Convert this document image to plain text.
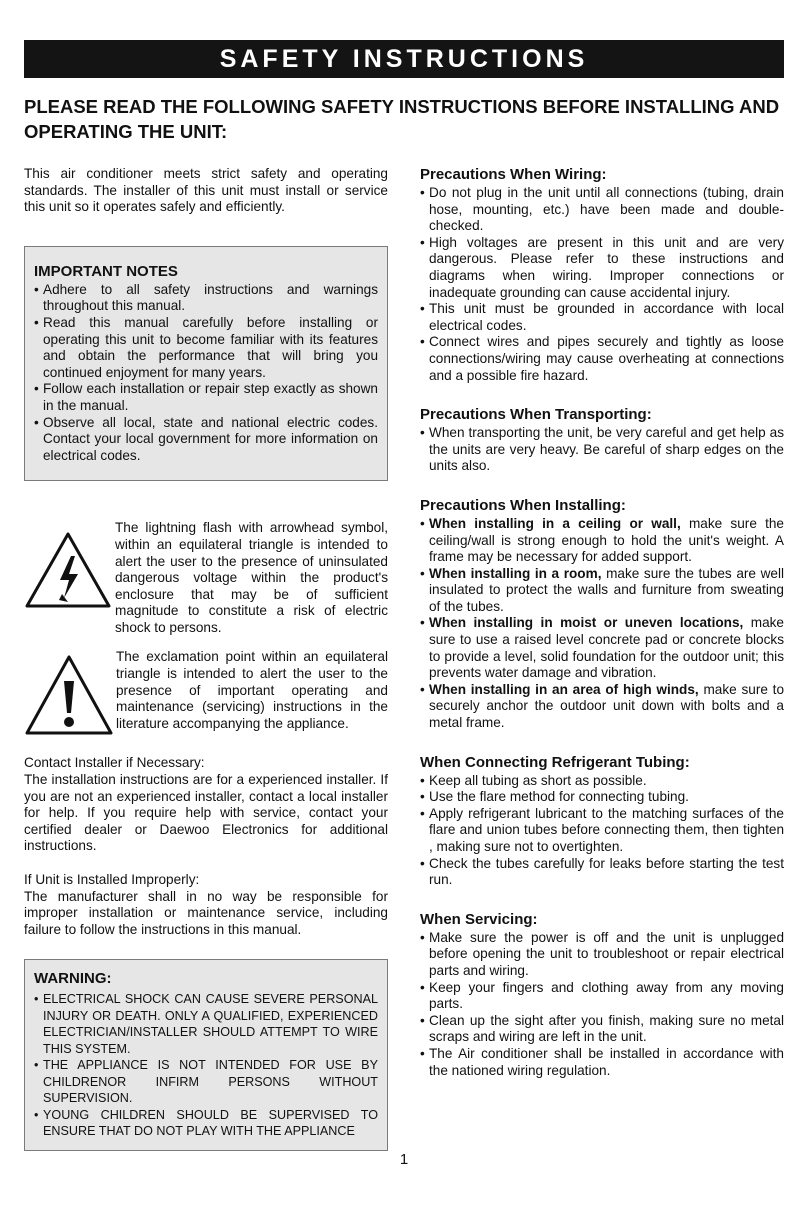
SAFETY INSTRUCTIONS
PLEASE READ THE FOLLOWING SAFETY INSTRUCTIONS BEFORE INSTALLING AND OPERATING THE UNIT:

This air conditioner meets strict safety and operating standards. The installer of this unit must install or service this unit so it operates safely and efficiently.

IMPORTANT NOTES
• Adhere to all safety instructions and warnings throughout this manual.
• Read this manual carefully before installing or operating this unit to become familiar with its features and obtain the performance that will bring you continued enjoyment for many years.
• Follow each installation or repair step exactly as shown in the manual.
• Observe all local, state and national electric codes. Contact your local government for more information on electrical codes.

The lightning flash with arrowhead symbol, within an equilateral triangle is intended to alert the user to the presence of uninsulated dangerous voltage within the product's enclosure that may be of sufficient magnitude to constitute a risk of electric shock to persons.

The exclamation point within an equilateral triangle is intended to alert the user to the presence of important operating and maintenance (servicing) instructions in the literature accompanying the appliance.

Contact Installer if Necessary:

The installation instructions are for a experienced installer. If you are not an experienced installer, contact a local installer for help. If you require help with service, contact your certified dealer or Daewoo Electronics for additional instructions.

If Unit is Installed Improperly:

The manufacturer shall in no way be responsible for improper installation or maintenance service, including failure to follow the instructions in this manual.

WARNING:
• ELECTRICAL SHOCK CAN CAUSE SEVERE PERSONAL INJURY OR DEATH. ONLY A QUALIFIED, EXPERIENCED ELECTRICIAN/INSTALLER SHOULD ATTEMPT TO WIRE THIS SYSTEM.
• THE APPLIANCE IS NOT INTENDED FOR USE BY CHILDRENOR INFIRM PERSONS WITHOUT SUPERVISION.
• YOUNG CHILDREN SHOULD BE SUPERVISED TO ENSURE THAT DO NOT PLAY WITH THE APPLIANCE
Precautions When Wiring:
• Do not plug in the unit until all connections (tubing, drain hose, mounting, etc.) have been made and double-checked.
• High voltages are present in this unit and are very dangerous. Please refer to these instructions and diagrams when wiring. Improper connections or inadequate grounding can cause accidental injury.
• This unit must be grounded in accordance with local electrical codes.
• Connect wires and pipes securely and tightly as loose connections/wiring may cause overheating at connections and a possible fire hazard.
Precautions When Transporting:
• When transporting the unit, be very careful and get help as the units are very heavy. Be careful of sharp edges on the units also.
Precautions When Installing:
• When installing in a ceiling or wall, make sure the ceiling/wall is strong enough to hold the unit's weight. A frame may be necessary for added support.
• When installing in a room, make sure the tubes are well insulated to protect the walls and furniture from sweating of the tubes.
• When installing in moist or uneven locations, make sure to use a raised level concrete pad or concrete blocks to provide a level, solid foundation for the outdoor unit; this prevents water damage and vibration.
• When installing in an area of high winds, make sure to securely anchor the outdoor unit down with bolts and a metal frame.
When Connecting Refrigerant Tubing:
• Keep all tubing as short as possible.
• Use the flare method for connecting tubing.
• Apply refrigerant lubricant to the matching surfaces of the flare and union tubes before connecting them, then tighten , making sure not to overtighten.
• Check the tubes carefully for leaks before starting the test run.
When Servicing:
• Make sure the power is off and the unit is unplugged before opening the unit to troubleshoot or repair electrical parts and wiring.
• Keep your fingers and clothing away from any moving parts.
• Clean up the sight after you finish, making sure no metal scraps and wiring are left in the unit.
• The Air conditioner shall be installed in accordance with the nationed wiring regulation.
1
